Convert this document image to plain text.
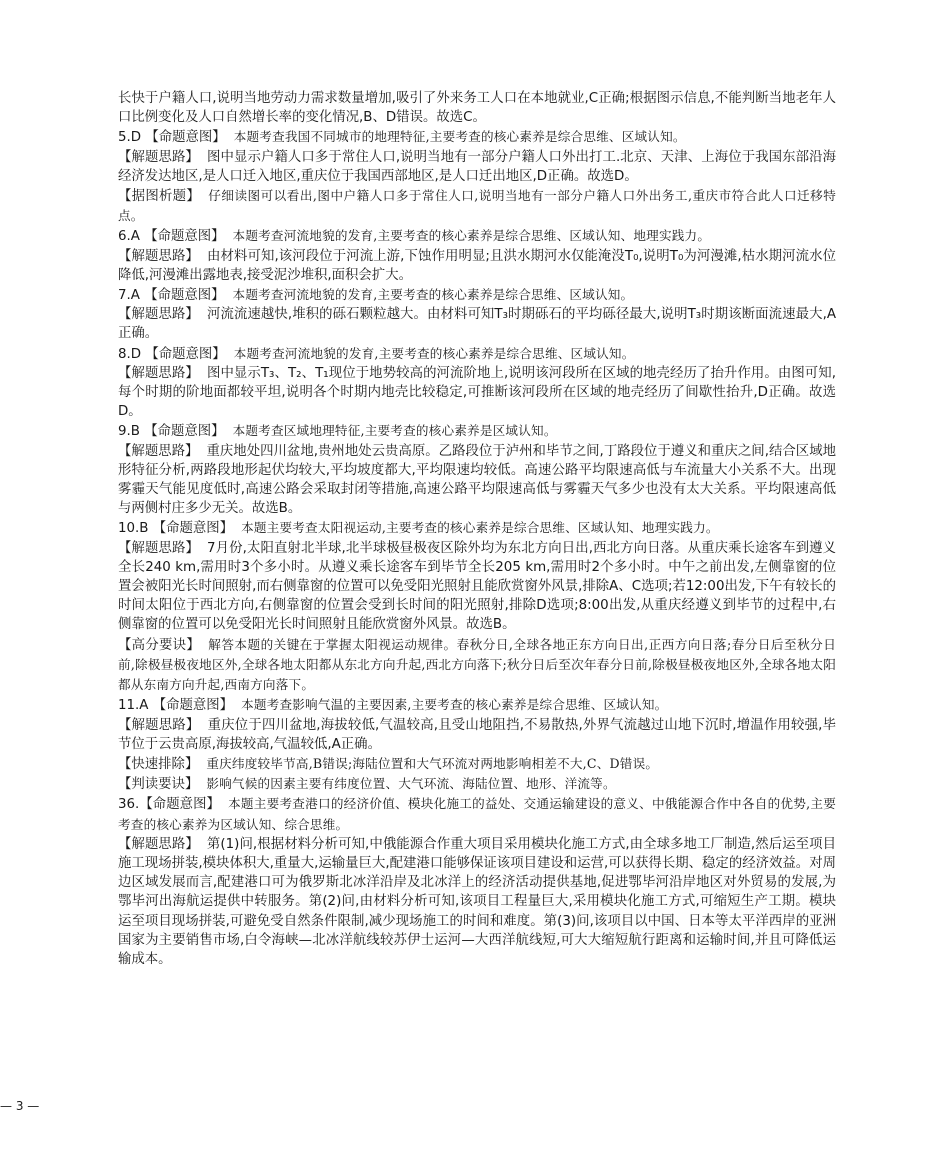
长快于户籍人口,说明当地劳动力需求数量增加,吸引了外来务工人口在本地就业,C正确;根据图示信息,不能判断当地老年人口比例变化及人口自然增长率的变化情况,B、D错误。故选C。

5.D 【命题意图】 本题考查我国不同城市的地理特征,主要考查的核心素养是综合思维、区域认知。

【解题思路】 图中显示户籍人口多于常住人口,说明当地有一部分户籍人口外出打工.北京、天津、上海位于我国东部沿海经济发达地区,是人口迁入地区,重庆位于我国西部地区,是人口迁出地区,D正确。故选D。

【据图析题】 仔细读图可以看出,图中户籍人口多于常住人口,说明当地有一部分户籍人口外出务工,重庆市符合此人口迁移特点。

6.A 【命题意图】 本题考查河流地貌的发育,主要考查的核心素养是综合思维、区域认知、地理实践力。

【解题思路】 由材料可知,该河段位于河流上游,下蚀作用明显;且洪水期河水仅能淹没T₀,说明T₀为河漫滩,枯水期河流水位降低,河漫滩出露地表,接受泥沙堆积,面积会扩大。

7.A 【命题意图】 本题考查河流地貌的发育,主要考查的核心素养是综合思维、区域认知。

【解题思路】 河流流速越快,堆积的砾石颗粒越大。由材料可知T₃时期砾石的平均砾径最大,说明T₃时期该断面流速最大,A正确。

8.D 【命题意图】 本题考查河流地貌的发育,主要考查的核心素养是综合思维、区域认知。

【解题思路】 图中显示T₃、T₂、T₁现位于地势较高的河流阶地上,说明该河段所在区域的地壳经历了抬升作用。由图可知,每个时期的阶地面都较平坦,说明各个时期内地壳比较稳定,可推断该河段所在区域的地壳经历了间歇性抬升,D正确。故选D。

9.B 【命题意图】 本题考查区域地理特征,主要考查的核心素养是区域认知。

【解题思路】 重庆地处四川盆地,贵州地处云贵高原。乙路段位于泸州和毕节之间,丁路段位于遵义和重庆之间,结合区域地形特征分析,两路段地形起伏均较大,平均坡度都大,平均限速均较低。高速公路平均限速高低与车流量大小关系不大。出现雾霾天气能见度低时,高速公路会采取封闭等措施,高速公路平均限速高低与雾霾天气多少也没有太大关系。平均限速高低与两侧村庄多少无关。故选B。

10.B 【命题意图】 本题主要考查太阳视运动,主要考查的核心素养是综合思维、区域认知、地理实践力。

【解题思路】 7月份,太阳直射北半球,北半球极昼极夜区除外均为东北方向日出,西北方向日落。从重庆乘长途客车到遵义全长240 km,需用时3个多小时。从遵义乘长途客车到毕节全长205 km,需用时2个多小时。中午之前出发,左侧靠窗的位置会被阳光长时间照射,而右侧靠窗的位置可以免受阳光照射且能欣赏窗外风景,排除A、C选项;若12:00出发,下午有较长的时间太阳位于西北方向,右侧靠窗的位置会受到长时间的阳光照射,排除D选项;8:00出发,从重庆经遵义到毕节的过程中,右侧靠窗的位置可以免受阳光长时间照射且能欣赏窗外风景。故选B。

【高分要诀】 解答本题的关键在于掌握太阳视运动规律。春秋分日,全球各地正东方向日出,正西方向日落;春分日后至秋分日前,除极昼极夜地区外,全球各地太阳都从东北方向升起,西北方向落下;秋分日后至次年春分日前,除极昼极夜地区外,全球各地太阳都从东南方向升起,西南方向落下。

11.A 【命题意图】 本题考查影响气温的主要因素,主要考查的核心素养是综合思维、区域认知。

【解题思路】 重庆位于四川盆地,海拔较低,气温较高,且受山地阻挡,不易散热,外界气流越过山地下沉时,增温作用较强,毕节位于云贵高原,海拔较高,气温较低,A正确。

【快速排除】 重庆纬度较毕节高,B错误;海陆位置和大气环流对两地影响相差不大,C、D错误。

【判读要诀】 影响气候的因素主要有纬度位置、大气环流、海陆位置、地形、洋流等。

36.【命题意图】 本题主要考查港口的经济价值、模块化施工的益处、交通运输建设的意义、中俄能源合作中各自的优势,主要考查的核心素养为区域认知、综合思维。

【解题思路】 第(1)问,根据材料分析可知,中俄能源合作重大项目采用模块化施工方式,由全球多地工厂制造,然后运至项目施工现场拼装,模块体积大,重量大,运输量巨大,配建港口能够保证该项目建设和运营,可以获得长期、稳定的经济效益。对周边区域发展而言,配建港口可为俄罗斯北冰洋沿岸及北冰洋上的经济活动提供基地,促进鄂毕河沿岸地区对外贸易的发展,为鄂毕河出海航运提供中转服务。第(2)问,由材料分析可知,该项目工程量巨大,采用模块化施工方式,可缩短生产工期。模块运至项目现场拼装,可避免受自然条件限制,减少现场施工的时间和难度。第(3)问,该项目以中国、日本等太平洋西岸的亚洲国家为主要销售市场,白令海峡—北冰洋航线较苏伊士运河—大西洋航线短,可大大缩短航行距离和运输时间,并且可降低运输成本。

— 3 —
